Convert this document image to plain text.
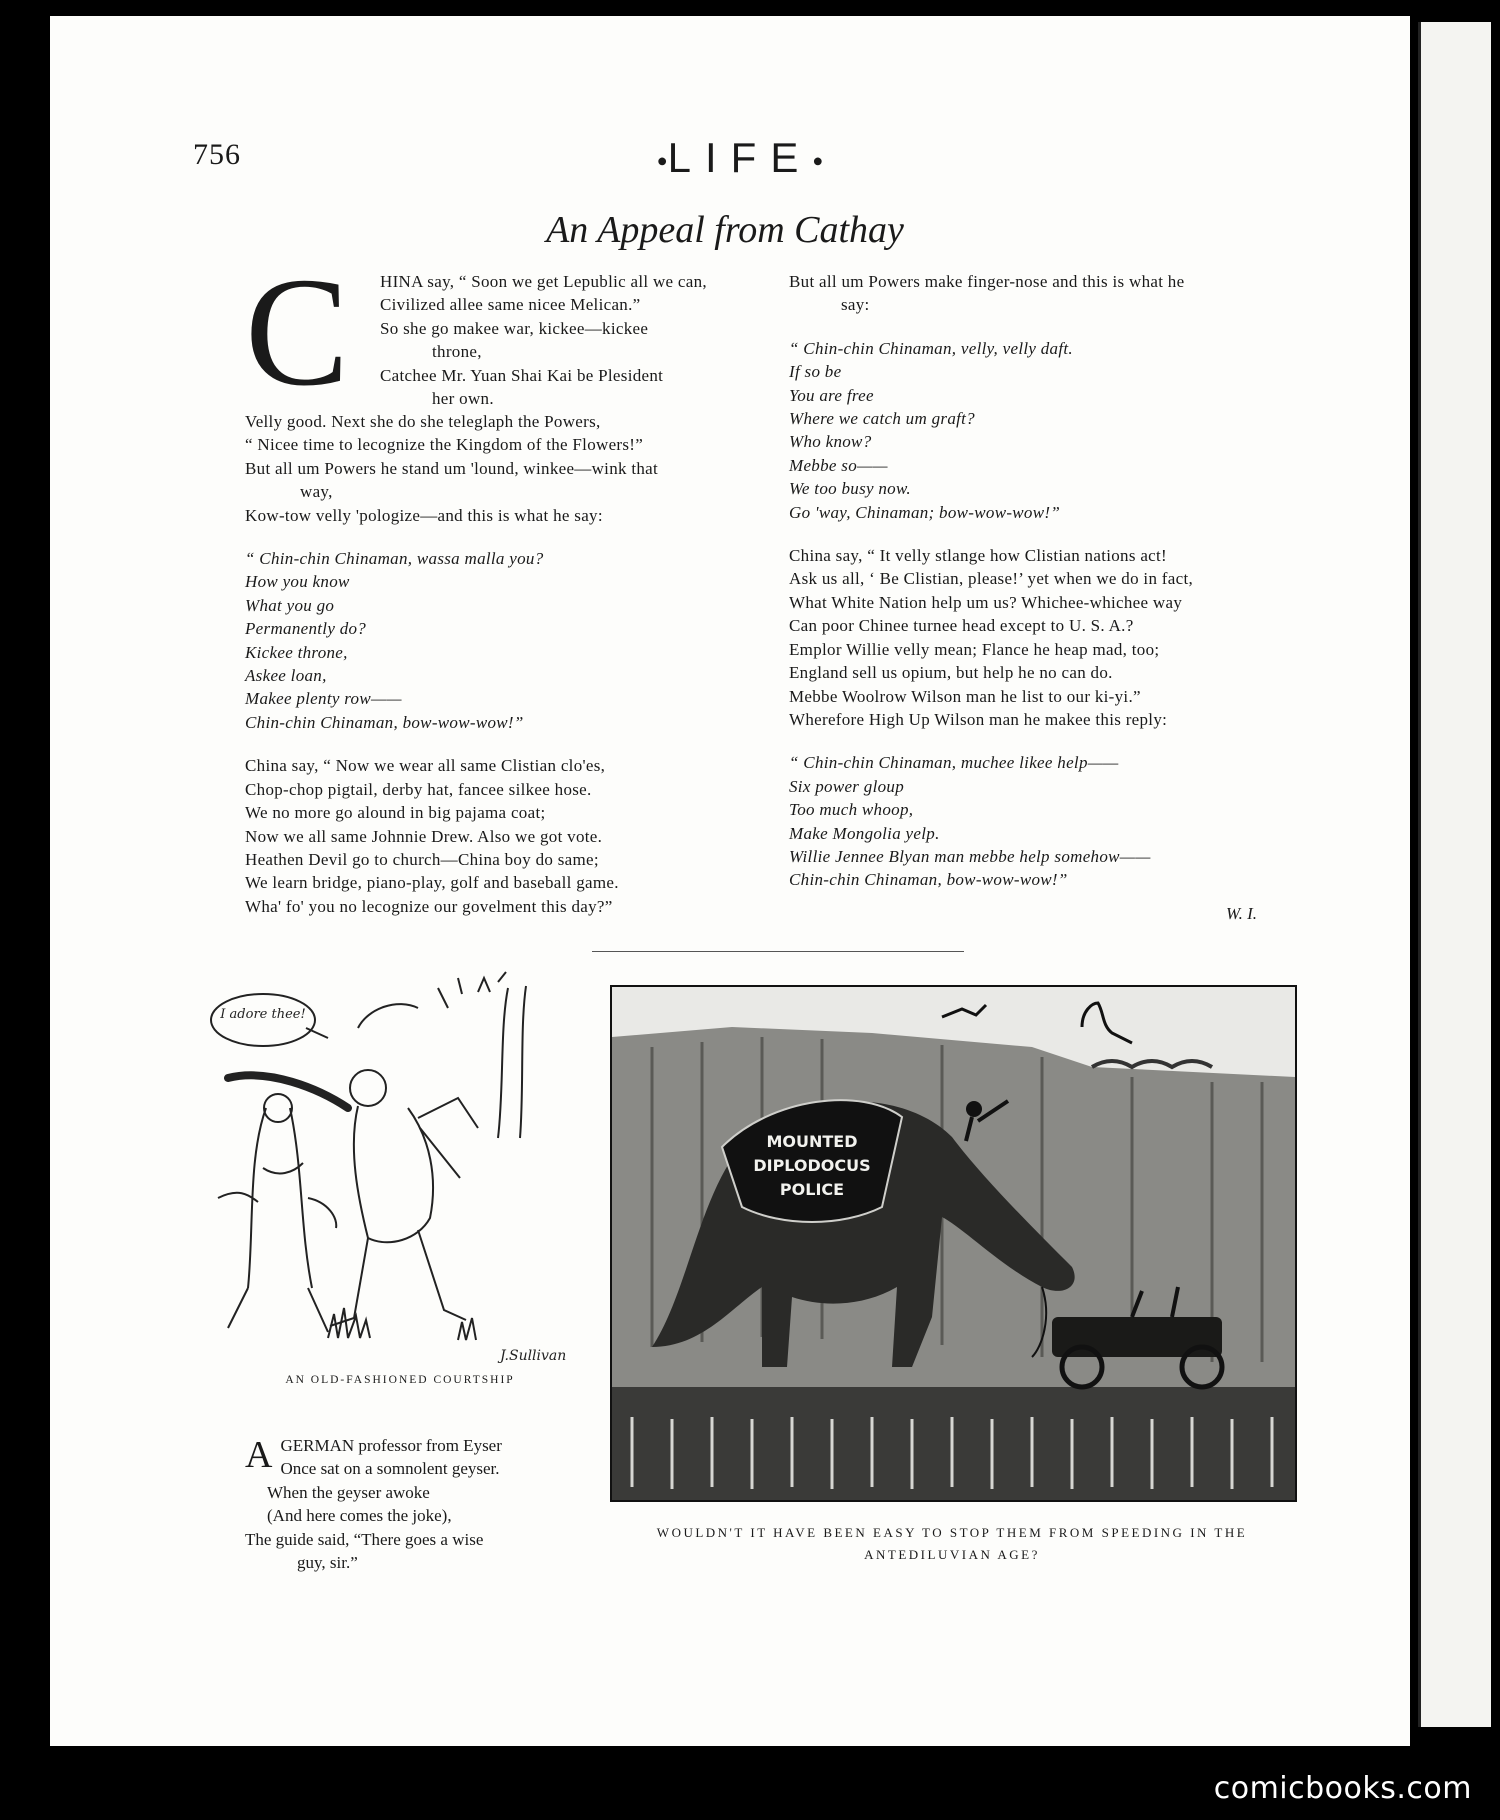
756	●LIFE●
An Appeal from Cathay
C HINA say, “ Soon we get Lepublic all we can,
Civilized allee same nicee Melican.”
So she go makee war, kickee—kickee
throne,
Catchee Mr. Yuan Shai Kai be Plesident
her own.
Velly good. Next she do she teleglaph the Powers,
“ Nicee time to lecognize the Kingdom of the Flowers!”
But all um Powers he stand um 'lound, winkee—wink that
way,
Kow-tow velly 'pologize—and this is what he say:
“ Chin-chin Chinaman, wassa malla you?
How you know
What you go
Permanently do?
Kickee throne,
Askee loan,
Makee plenty row——
Chin-chin Chinaman, bow-wow-wow!”
China say, “ Now we wear all same Clistian clo'es,
Chop-chop pigtail, derby hat, fancee silkee hose.
We no more go alound in big pajama coat;
Now we all same Johnnie Drew. Also we got vote.
Heathen Devil go to church—China boy do same;
We learn bridge, piano-play, golf and baseball game.
Wha' fo' you no lecognize our govelment this day?”
But all um Powers make finger-nose and this is what he
say:
“ Chin-chin Chinaman, velly, velly daft.
If so be
You are free
Where we catch um graft?
Who know?
Mebbe so——
We too busy now.
Go 'way, Chinaman; bow-wow-wow!”
China say, “ It velly stlange how Clistian nations act!
Ask us all, ‘ Be Clistian, please!’ yet when we do in fact,
What White Nation help um us? Whichee-whichee way
Can poor Chinee turnee head except to U. S. A.?
Emplor Willie velly mean; Flance he heap mad, too;
England sell us opium, but help he no can do.
Mebbe Woolrow Wilson man he list to our ki-yi.”
Wherefore High Up Wilson man he makee this reply:
“ Chin-chin Chinaman, muchee likee help——
Six power gloup
Too much whoop,
Make Mongolia yelp.
Willie Jennee Blyan man mebbe help somehow——
Chin-chin Chinaman, bow-wow-wow!”
W. I.
I adore thee!
J.Sullivan
AN OLD-FASHIONED COURTSHIP
A GERMAN professor from Eyser
Once sat on a somnolent geyser.
When the geyser awoke
(And here comes the joke),
The guide said, “There goes a wise
guy, sir.”
MOUNTED
DIPLODOCUS
POLICE
WOULDN'T IT HAVE BEEN EASY TO STOP THEM FROM SPEEDING IN THE
ANTEDILUVIAN AGE?
comicbooks.com
